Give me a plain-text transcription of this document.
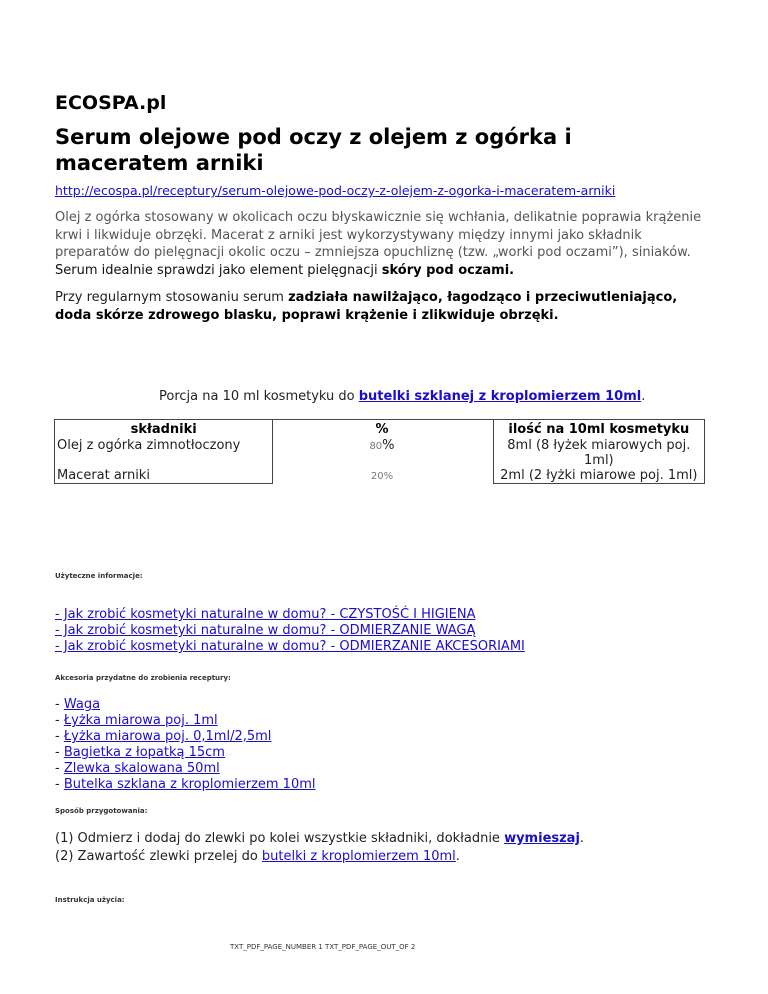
ECOSPA.pl
Serum olejowe pod oczy z olejem z ogórka i maceratem arniki
http://ecospa.pl/receptury/serum-olejowe-pod-oczy-z-olejem-z-ogorka-i-maceratem-arniki

Olej z ogórka stosowany w okolicach oczu błyskawicznie się wchłania, delikatnie poprawia krążenie krwi i likwiduje obrzęki. Macerat z arniki jest wykorzystywany między innymi jako składnik preparatów do pielęgnacji okolic oczu – zmniejsza opuchliznę (tzw. „worki pod oczami”), siniaków. Serum idealnie sprawdzi jako element pielęgnacji skóry pod oczami.

Przy regularnym stosowaniu serum zadziała nawilżająco, łagodząco i przeciwutleniająco, doda skórze zdrowego blasku, poprawi krążenie i zlikwiduje obrzęki.

Porcja na 10 ml kosmetyku do butelki szklanej z kroplomierzem 10ml.
składniki	%		ilość na 10ml kosmetyku
Olej z ogórka zimnotłoczony	80%		8ml (8 łyżek miarowych poj. 1ml)
Macerat arniki	20%		2ml (2 łyżki miarowe poj. 1ml)
Użyteczne informacje:
- Jak zrobić kosmetyki naturalne w domu? - CZYSTOŚĆ I HIGIENA
- Jak zrobić kosmetyki naturalne w domu? - ODMIERZANIE WAGĄ
- Jak zrobić kosmetyki naturalne w domu? - ODMIERZANIE AKCESORIAMI
Akcesoria przydatne do zrobienia receptury:
- Waga
- Łyżka miarowa poj. 1ml
- Łyżka miarowa poj. 0,1ml/2,5ml
- Bagietka z łopatką 15cm
- Zlewka skalowana 50ml
- Butelka szklana z kroplomierzem 10ml
Sposób przygotowania:
(1) Odmierz i dodaj do zlewki po kolei wszystkie składniki, dokładnie wymieszaj.
(2) Zawartość zlewki przelej do butelki z kroplomierzem 10ml.
Instrukcja użycia:
TXT_PDF_PAGE_NUMBER 1 TXT_PDF_PAGE_OUT_OF 2
